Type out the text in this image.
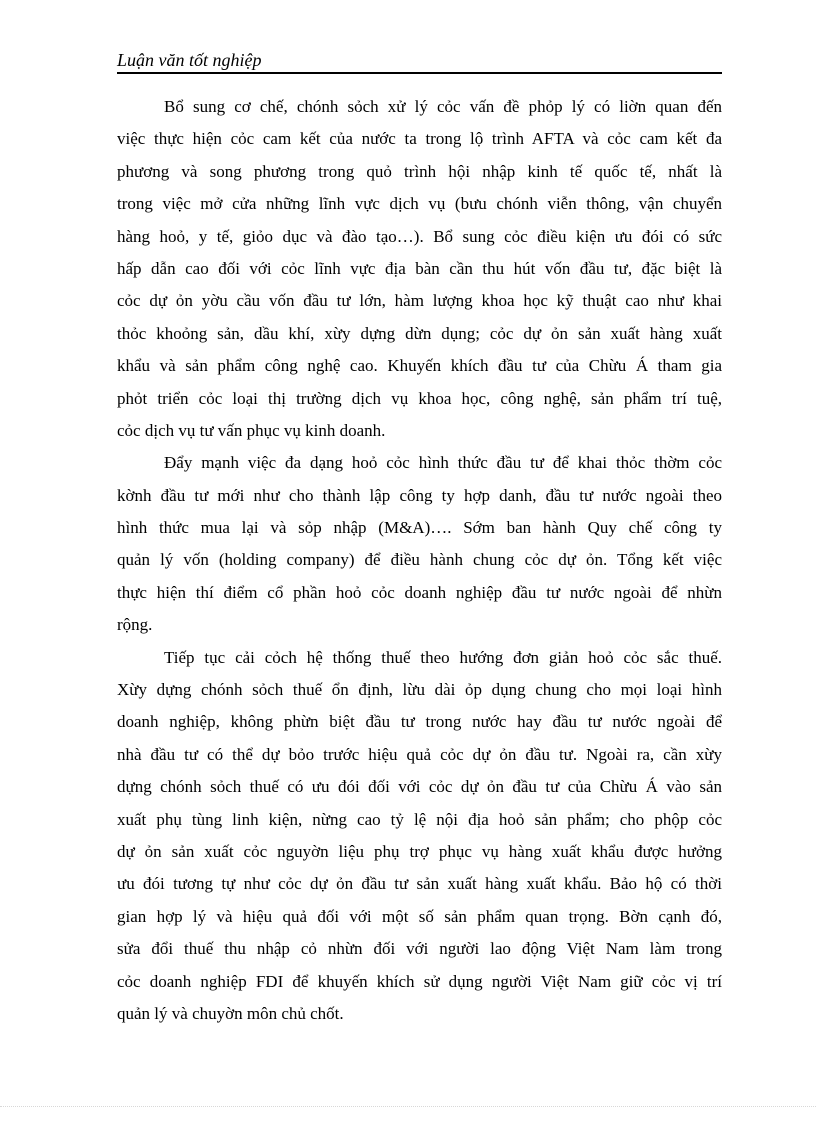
Luận văn tốt nghiệp
Bổ sung cơ chế, chónh sỏch xử lý cỏc vấn đề phỏp lý có liờn quan đến
việc thực hiện cỏc cam kết của nước ta trong lộ trình AFTA và cỏc cam kết đa
phương và song phương trong quỏ trình hội nhập kinh tế quốc tế, nhất là
trong việc mở cửa những lĩnh vực dịch vụ (bưu chónh viễn thông, vận chuyển
hàng hoỏ, y tế, giỏo dục và đào tạo…). Bổ sung cỏc điều kiện ưu đói có sức
hấp dẫn cao đối với cỏc lĩnh vực địa bàn cần thu hút vốn đầu tư, đặc biệt là
cỏc dự ỏn yờu cầu vốn đầu tư lớn, hàm lượng khoa học kỹ thuật cao như khai
thỏc khoỏng sản, dầu khí, xừy dựng dừn dụng; cỏc dự ỏn sản xuất hàng xuất
khẩu và sản phẩm công nghệ cao. Khuyến khích đầu tư của Chừu Á tham gia
phỏt triển cỏc loại thị trường dịch vụ khoa học, công nghệ, sản phẩm trí tuệ,
cỏc dịch vụ tư vấn phục vụ kinh doanh.
Đẩy mạnh việc đa dạng hoỏ cỏc hình thức đầu tư để khai thỏc thờm cỏc
kờnh đầu tư mới như cho thành lập công ty hợp danh, đầu tư nước ngoài theo
hình thức mua lại và sỏp nhập (M&A)…. Sớm ban hành Quy chế công ty
quản lý vốn (holding company) để điều hành chung cỏc dự ỏn. Tổng kết việc
thực hiện thí điểm cổ phần hoỏ cỏc doanh nghiệp đầu tư nước ngoài để nhừn
rộng.
Tiếp tục cải cỏch hệ thống thuế theo hướng đơn giản hoỏ cỏc sắc thuế.
Xừy dựng chónh sỏch thuế ổn định, lừu dài ỏp dụng chung cho mọi loại hình
doanh nghiệp, không phừn biệt đầu tư trong nước hay đầu tư nước ngoài để
nhà đầu tư có thể dự bỏo trước hiệu quả cỏc dự ỏn đầu tư. Ngoài ra, cần xừy
dựng chónh sỏch thuế có ưu đói đối với cỏc dự ỏn đầu tư của Chừu Á vào sản
xuất phụ tùng linh kiện, nừng cao tỷ lệ nội địa hoỏ sản phẩm; cho phộp cỏc
dự ỏn sản xuất cỏc nguyờn liệu phụ trợ phục vụ hàng xuất khẩu được hưởng
ưu đói tương tự như cỏc dự ỏn đầu tư sản xuất hàng xuất khẩu. Bảo hộ có thời
gian hợp lý và hiệu quả đối với một số sản phẩm quan trọng. Bờn cạnh đó,
sửa đổi thuế thu nhập cỏ nhừn đối với người lao động Việt Nam làm trong
cỏc doanh nghiệp FDI để khuyến khích sử dụng người Việt Nam giữ cỏc vị trí
quản lý và chuyờn môn chủ chốt.
